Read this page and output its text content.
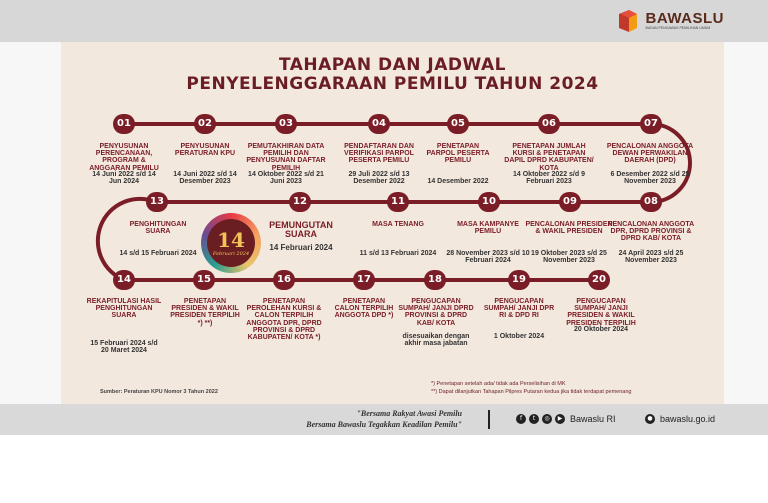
BAWASLU
BADAN PENGAWAS PEMILIHAN UMUM
TAHAPAN DAN JADWAL
PENYELENGGARAAN PEMILU TAHUN 2024
01	02	03	04	05	06	07
08
09
10
11
12
13
14	15	16	17	18	19	20
PENYUSUNAN PERENCANAAN, PROGRAM & ANGGARAN PEMILU
14 Juni 2022 s/d 14 Jun 2024
PENYUSUNAN PERATURAN KPU
14 Juni 2022 s/d 14 Desember 2023
PEMUTAKHIRAN DATA PEMILIH DAN PENYUSUNAN DAFTAR PEMILIH
14 Oktober 2022 s/d 21 Juni 2023
PENDAFTARAN DAN VERIFIKASI PARPOL PESERTA PEMILU
29 Juli 2022 s/d 13 Desember 2022
PENETAPAN PARPOL PESERTA PEMILU
14 Desember 2022
PENETAPAN JUMLAH KURSI & PENETAPAN DAPIL DPRD KABUPATEN/ KOTA
14 Oktober 2022 s/d 9 Februari 2023
PENCALONAN ANGGOTA DEWAN PERWAKILAN DAERAH (DPD)
6 Desember 2022 s/d 25 November 2023
PENCALONAN ANGGOTA DPR, DPRD PROVINSI & DPRD KAB/ KOTA
24 April 2023 s/d 25 November 2023
PENCALONAN PRESIDEN & WAKIL PRESIDEN
19 Oktober 2023 s/d 25 November 2023
MASA KAMPANYE PEMILU
28 November 2023 s/d 10 Februari 2024
MASA TENANG
11 s/d 13 Februari 2024
PEMUNGUTAN SUARA
14 Februari 2024
PENGHITUNGAN SUARA
14 s/d 15 Februari 2024
14
Februari 2024
REKAPITULASI HASIL PENGHITUNGAN SUARA
15 Februari 2024 s/d 20 Maret 2024
PENETAPAN PRESIDEN & WAKIL PRESIDEN TERPILIH *) **)
PENETAPAN PEROLEHAN KURSI & CALON TERPILIH ANGGOTA DPR, DPRD PROVINSI & DPRD KABUPATEN/ KOTA *)
PENETAPAN CALON TERPILIH ANGGOTA DPD *)
PENGUCAPAN SUMPAH/ JANJI DPRD PROVINSI & DPRD KAB/ KOTA
disesuaikan dengan akhir masa jabatan
PENGUCAPAN SUMPAH/ JANJI DPR RI & DPD RI
1 Oktober 2024
PENGUCAPAN SUMPAH/ JANJI PRESIDEN & WAKIL PRESIDEN TERPILIH
20 Oktober 2024
Sumber: Peraturan KPU Nomor 3 Tahun 2022
*) Penetapan setelah ada/ tidak ada Perselisihan di MK
**) Dapat dilanjutkan Tahapan Pilpres Putaran kedua jika tidak terdapat pemenang
"Bersama Rakyat Awasi Pemilu
Bersama Bawaslu Tegakkan Keadilan Pemilu"
f	t	◎	▶ Bawaslu RI	● bawaslu.go.id
